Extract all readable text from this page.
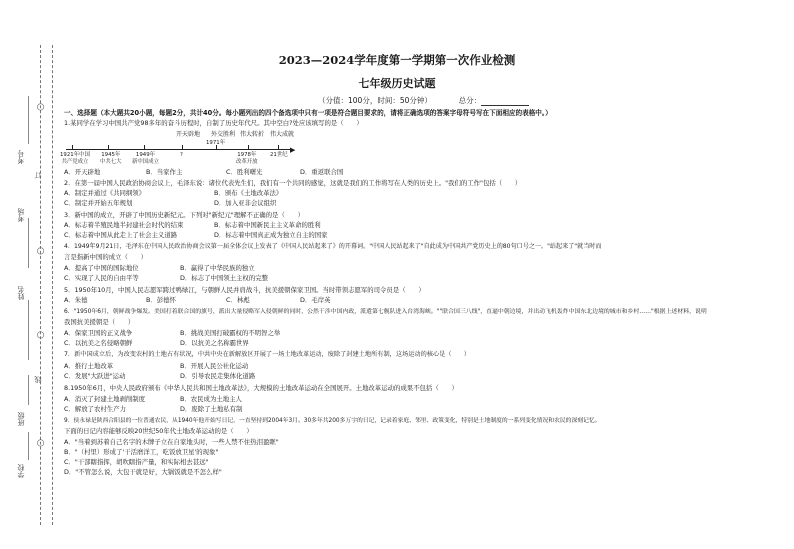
考号
考场
姓名
班级
学校
○
订
○
○
线
○
2023—2024学年度第一学期第一次作业检测
七年级历史试题
（分值：100分，时间：50分钟）	总分：
一、选择题（本大题共20小题，每题2分，共计40分。每小题列出的四个备选项中只有一项是符合题目要求的，请将正确选项的答案字母符号写在下面相应的表格中。）
1.某同学在学习中国共产党98多年的奋斗历程时，自制了历史年代尺。其中空白?处应该填写的是（　　）
开天辟地 外交胜利 伟大转折 伟大成就
▶
1921年中国
共产党成立
1945年
中共七大
1949年
新中国成立
?
1971年
1978年
改革开放
21世纪
A．开天辟地	B．当家作主	C．胜利曙光	D．重返联合国
2．在第一届中国人民政治协商会议上，毛泽东说：诸位代表先生们，我们有一个共同的感觉，这就是我们的工作将写在人类的历史上。"我们的工作"包括（　　）
A．制定并通过《共同纲领》	B．颁布《土地改革法》
C．制定并开始五年规划	D．加入亚非会议组织
3．新中国的成立，开辟了中国历史新纪元。下列对"新纪元"理解不正确的是（　　）
A．标志着半殖民地半封建社会时代的结束	B．标志着中国新民主主义革命的胜利
C．标志着中国从此走上了社会主义道路	D．标志着中国真正成为独立自主的国家
4．1949年9月21日，毛泽东在中国人民政治协商会议第一届全体会议上发表了《中国人民站起来了》的开幕词。"中国人民站起来了"自此成为中国共产党历史上的80句口号之一。"站起来了"就当时而
言是指新中国的成立（　　）
A．提高了中国的国际地位	B．赢得了中华民族的独立
C．实现了人民的自由平等	D．标志了中国领土主权的完整
5．1950年10月，中国人民志愿军跨过鸭绿江，与朝鲜人民并肩战斗，抗美援朝保家卫国。当时带领志愿军的司令员是（　　）
A．朱德	B．彭德怀	C．林彪	D．毛岸英
6．"1950年6月，朝鲜战争爆发。美国打着联合国的旗号，派出大量侵略军入侵朝鲜的同时，公然干涉中国内政，派遣第七舰队进入台湾海峡。""联合国三八线"，直逼中朝边境，并出动飞机轰炸中国东北边境的城市和乡村……"根据上述材料，说明
我国抗美援朝是（　　）
A．保家卫国的正义战争	B．挑战美国打破霸权的不明智之举
C．以抗美之名侵略朝鲜	D．以抗美之名称霸世界
7．新中国成立后，为改变农村的土地占有状况，中共中央在新解放区开展了一场土地改革运动，废除了封建土地所有制，这场运动的核心是（　　）
A．推行土地改革	B．开展人民公社化运动
C．发展"大跃进"运动	D．引导农民走集体化道路
8.1950年6月，中央人民政府颁布《中华人民共和国土地改革法》，大规模的土地改革运动在全国展开。土地改革运动的成果不包括（　　）
A．消灭了封建土地剥削制度	B．农民成为土地主人
C．解放了农村生产力	D．废除了土地私有制
9．侯永禄是陕西合阳县的一位普通农民，从1940年他开始写日记，一直坚持到2004年3月。30多年共200多万字的日记，记录着家庭、邻里、政策变化，特别是土地制度的一系列变化情况和农民的深刻记忆。
下面的日记内容能够反映20世纪50年代土地改革运动的是（　　）
A．"当着到苏着自己名字的木牌子立在自家地头时，一些人禁不住热泪盈眶"
B．"（村里）形成了'干活磨洋工，吃饭放卫星'的现象"
C．"干部瞎指挥，胡吹瞎指产量，和实际相去甚远"
D．"不管怎么说，大包干就是好，大锅饭就是不怎么样"
